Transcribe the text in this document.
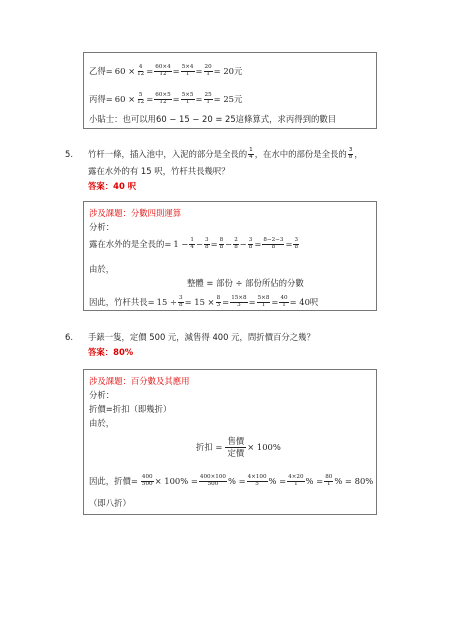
乙得= $60 \times \frac{4}{12} = \frac{60\times 4}{12} = \frac{5\times 4}{1} = \frac{20}{1} = 20$元
丙得= $60 \times \frac{5}{12} = \frac{60\times 5}{12} = \frac{5\times 5}{1} = \frac{25}{1} = 25$元
小貼士：也可以用60 − 15 − 20 = 25這條算式，求丙得到的數目
5. 竹杆一條，插入池中，入泥的部分是全長的 $\frac{1}{4}$ ，在水中的部份是全長的 $\frac{3}{8}$ ，
露在水外的有 15 呎，竹杆共長幾呎？
答案：40 呎
涉及課題：分數四則運算
分析：
露在水外的是全長的= $1 - \frac{1}{4} - \frac{3}{8} = \frac{8}{8} - \frac{2}{8} - \frac{3}{8} = \frac{8-2-3}{8} = \frac{3}{8}$
由於，
整體 = 部份 ÷ 部份所佔的分數
因此，竹杆共長= $15 \div \frac{3}{8} = 15 \times \frac{8}{3} = \frac{15\times 8}{3} = \frac{5\times 8}{1} = \frac{40}{1} = 40$呎
6. 手錶一隻，定價 500 元，減售得 400 元，問折價百分之幾？
答案：80%
涉及課題：百分數及其應用
分析：
折價=折扣（即幾折）
由於，
折扣 = $\frac{\text{售價}}{\text{定價}} \times 100\%$
因此，折價= $\frac{400}{500} \times 100\% = \frac{400\times 100}{500}$ % = $\frac{4\times 100}{5}$ % = $\frac{4\times 20}{1}$ % = $\frac{80}{1}$ % = 80%
（即八折）
